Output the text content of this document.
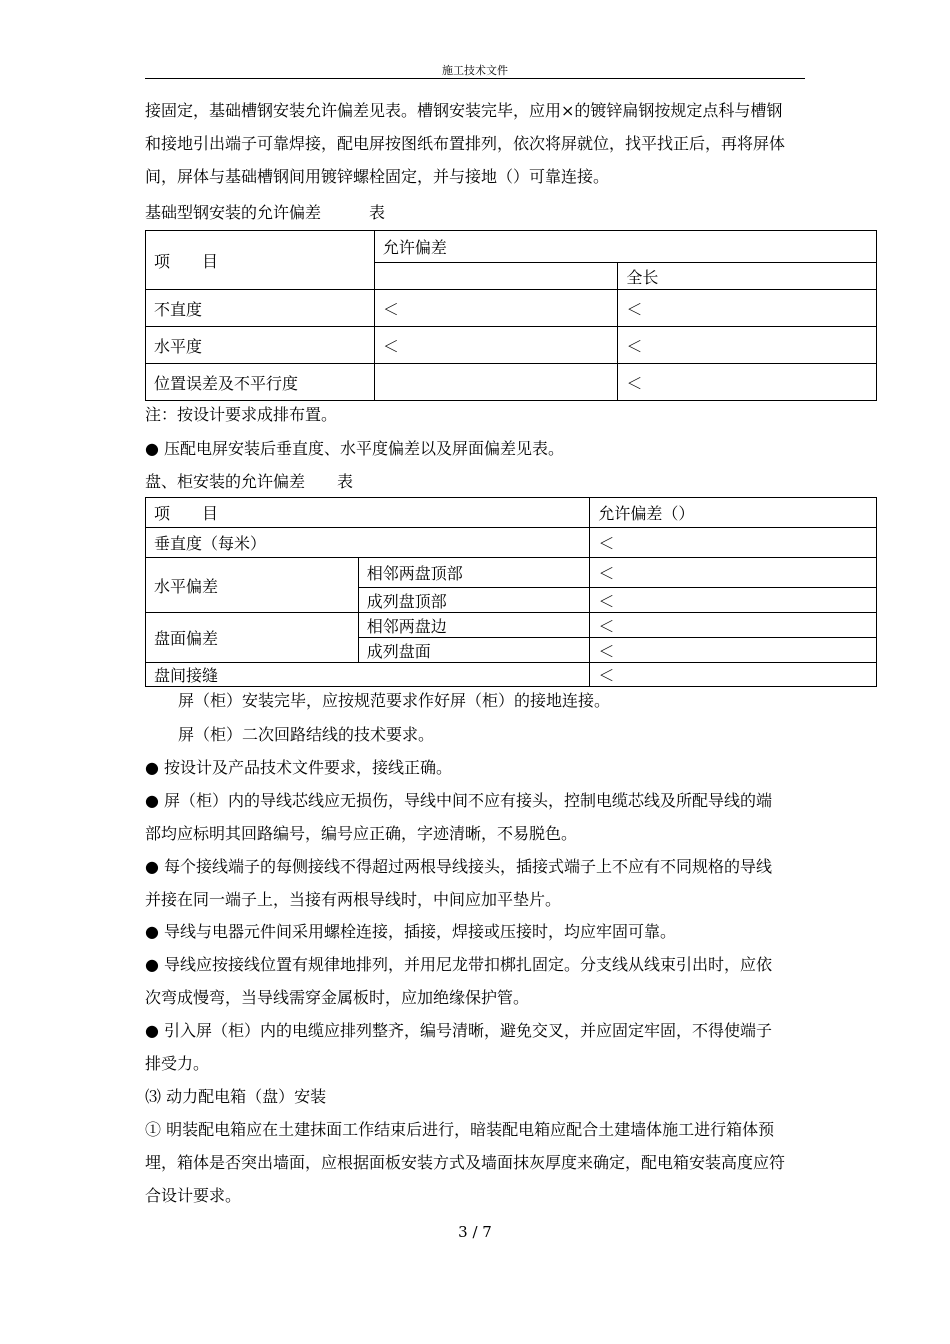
施工技术文件
接固定，基础槽钢安装允许偏差见表。槽钢安装完毕，应用×的镀锌扁钢按规定点科与槽钢
和接地引出端子可靠焊接，配电屏按图纸布置排列，依次将屏就位，找平找正后，再将屏体
间，屏体与基础槽钢间用镀锌螺栓固定，并与接地（）可靠连接。
基础型钢安装的允许偏差　　　表
项　　目	允许偏差	
		全长
不直度	＜	＜
水平度	＜	＜
位置误差及不平行度		＜
注：按设计要求成排布置。
● 压配电屏安装后垂直度、水平度偏差以及屏面偏差见表。
盘、柜安装的允许偏差　　表
项　　目		允许偏差（）
垂直度（每米）		＜
水平偏差	相邻两盘顶部	＜
	成列盘顶部	＜
盘面偏差	相邻两盘边	＜
	成列盘面	＜
盘间接缝		＜
屏（柜）安装完毕，应按规范要求作好屏（柜）的接地连接。
屏（柜）二次回路结线的技术要求。
● 按设计及产品技术文件要求，接线正确。
● 屏（柜）内的导线芯线应无损伤，导线中间不应有接头，控制电缆芯线及所配导线的端
部均应标明其回路编号，编号应正确，字迹清晰，不易脱色。
● 每个接线端子的每侧接线不得超过两根导线接头，插接式端子上不应有不同规格的导线
并接在同一端子上，当接有两根导线时，中间应加平垫片。
● 导线与电器元件间采用螺栓连接，插接，焊接或压接时，均应牢固可靠。
● 导线应按接线位置有规律地排列，并用尼龙带扣梆扎固定。分支线从线束引出时，应依
次弯成慢弯，当导线需穿金属板时，应加绝缘保护管。
● 引入屏（柜）内的电缆应排列整齐，编号清晰，避免交叉，并应固定牢固，不得使端子
排受力。
⑶ 动力配电箱（盘）安装
① 明装配电箱应在土建抹面工作结束后进行，暗装配电箱应配合土建墙体施工进行箱体预
埋，箱体是否突出墙面，应根据面板安装方式及墙面抹灰厚度来确定，配电箱安装高度应符
合设计要求。
3 / 7
